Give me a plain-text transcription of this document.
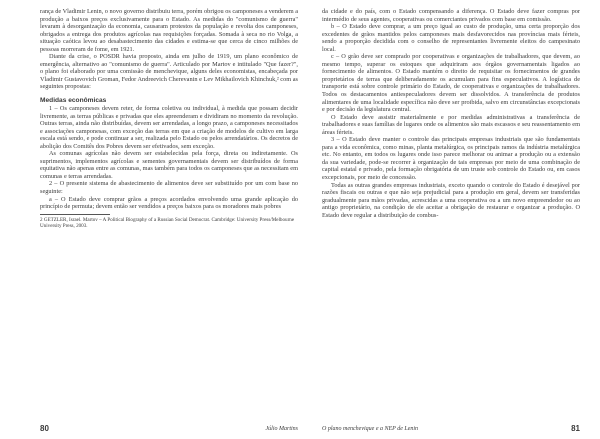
rança de Vladimir Lenin, o novo governo distribuiu terra, porém obrigou os camponeses a venderem a produção a baixos preços exclusivamente para o Estado. As medidas do "comunismo de guerra" levaram à desorganização da economia, causaram protestos da população e revolta dos camponeses, obrigados a entrega dos produtos agrícolas nas requisições forçadas. Somada à seca no rio Volga, a situação caótica levou ao desabastecimento das cidades e estima-se que cerca de cinco milhões de pessoas morreram de fome, em 1921.

Diante da crise, o POSDR havia proposto, ainda em julho de 1919, um plano econômico de emergência, alternativo ao "comunismo de guerra". Articulado por Martov e intitulado "Que fazer?", o plano foi elaborado por uma comissão de menchevique, alguns deles economistas, encabeçada por Vladimir Gustavovich Groman, Fedor Andreevich Cherevanin e Lev Mikhailovich Khinchuk,² com as seguintes propostas:

Medidas econômicas

1 – Os camponeses devem reter, de forma coletiva ou individual, à medida que possam decidir livremente, as terras públicas e privadas que eles apreenderam e dividiram no momento da revolução. Outras terras, ainda não distribuídas, devem ser arrendadas, a longo prazo, a camponeses necessitados e associações camponesas, com exceção das terras em que a criação de modelos de cultivo em larga escala está sendo, e pode continuar a ser, realizada pelo Estado ou pelos arrendatários. Os decretos de abolição dos Comitês dos Pobres devem ser efetivados, sem exceção.

As comunas agrícolas não devem ser estabelecidas pela força, direta ou indiretamente. Os suprimentos, implementos agrícolas e sementes governamentais devem ser distribuídos de forma equitativa não apenas entre as comunas, mas também para todos os camponeses que as necessitam em comunas e terras arrendadas.

2 – O presente sistema de abastecimento de alimentos deve ser substituído por um com base no seguinte:

a – O Estado deve comprar grãos a preços acordados envolvendo uma grande aplicação do princípio de permuta; devem então ser vendidos a preços baixos para os moradores mais pobres

2 GETZLER, Israel. Martov – A Political Biography of a Russian Social Democrat. Cambridge: University Press/Melbourne University Press, 2003.

80	Júlio Martins

da cidade e do país, com o Estado compensando a diferença. O Estado deve fazer compras por intermédio de seus agentes, cooperativas ou comerciantes privados com base em comissão.

b – O Estado deve comprar, a um preço igual ao custo de produção, uma certa proporção dos excedentes de grãos mantidos pelos camponeses mais desfavorecidos nas províncias mais férteis, sendo a proporção decidida com o conselho de representantes livremente eleitos do campesinato local.

c – O grão deve ser comprado por cooperativas e organizações de trabalhadores, que devem, ao mesmo tempo, superar os estoques que adquiriram aos órgãos governamentais ligados ao fornecimento de alimentos. O Estado mantém o direito de requisitar os fornecimentos de grandes proprietários de terras que deliberadamente os acumulam para fins especulativos. A logística de transporte está sobre controle primário do Estado, de cooperativas e organizações de trabalhadores. Todos os destacamentos antiespeculadores devem ser dissolvidos. A transferência de produtos alimentares de uma localidade específica não deve ser proibida, salvo em circunstâncias excepcionais e por decisão da legislatura central.

O Estado deve assistir materialmente e por medidas administrativas a transferência de trabalhadores e suas famílias de lugares onde os alimentos são mais escassos e seu reassentamento em áreas férteis.

3 – O Estado deve manter o controle das principais empresas industriais que são fundamentais para a vida econômica, como minas, planta metalúrgica, os principais ramos da indústria metalúrgica etc. No entanto, em todos os lugares onde isso parece melhorar ou animar a produção ou a extensão da sua variedade, pode-se recorrer à organização de tais empresas por meio de uma combinação de capital estatal e privado, pela formação obrigatória de um truste sob controle do Estado ou, em casos excepcionais, por meio de concessão.

Todas as outras grandes empresas industriais, exceto quando o controle do Estado é desejável por razões fiscais ou outras e que não seja prejudicial para a produção em geral, devem ser transferidas gradualmente para mãos privadas, acrescidas a uma cooperativa ou a um novo empreendedor ou ao antigo proprietário, na condição de ele aceitar a obrigação de restaurar e organizar a produção. O Estado deve regular a distribuição de combus-

O plano menchevique e a NEP de Lenin	81
